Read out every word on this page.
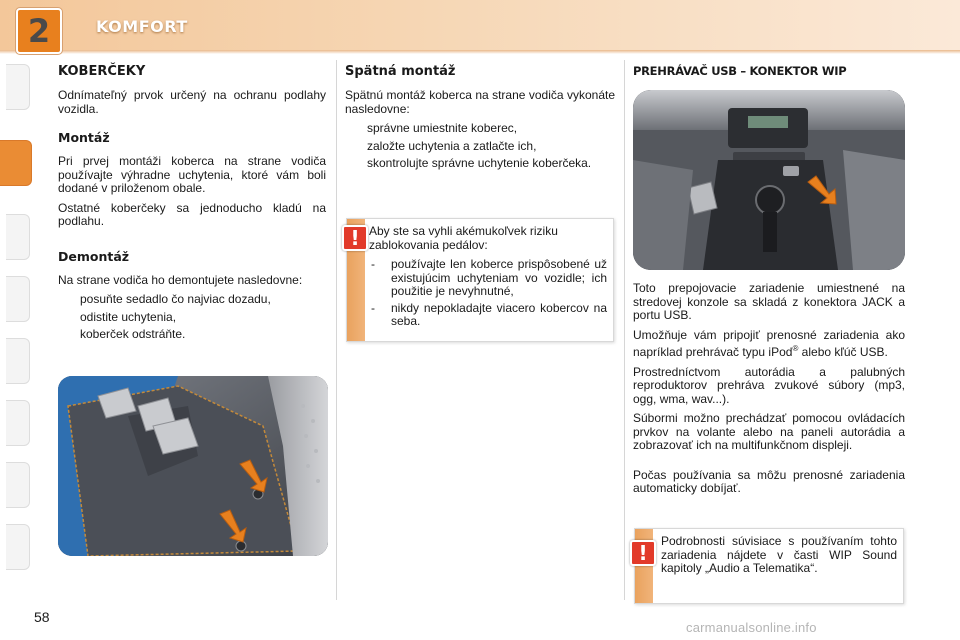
2	KOMFORT
KOBERČEKY

Odnímateľný prvok určený na ochranu podlahy vozidla.

Montáž

Pri prvej montáži koberca na strane vodiča používajte výhradne uchytenia, ktoré vám boli dodané v priloženom obale.

Ostatné koberčeky sa jednoducho kladú na podlahu.

Demontáž

Na strane vodiča ho demontujete nasledovne:

posuňte sedadlo čo najviac dozadu,
odistite uchytenia,
koberček odstráňte.
Spätná montáž

Spätnú montáž koberca na strane vodiča vykonáte nasledovne:

správne umiestnite koberec,
založte uchytenia a zatlačte ich,
skontrolujte správne uchytenie koberčeka.

Aby ste sa vyhli akémukoľvek riziku zablokovania pedálov:

- používajte len koberce prispôsobené už existujúcim uchyteniam vo vozidle; ich použitie je nevyhnutné,
- nikdy nepokladajte viacero kobercov na seba.
!
PREHRÁVAČ USB – KONEKTOR WIP

Toto prepojovacie zariadenie umiestnené na stredovej konzole sa skladá z konektora JACK a portu USB.

Umožňuje vám pripojiť prenosné zariadenia ako napríklad prehrávač typu iPod® alebo kľúč USB.

Prostredníctvom autorádia a palubných reproduktorov prehráva zvukové súbory (mp3, ogg, wma, wav...).

Súbormi možno prechádzať pomocou ovládacích prvkov na volante alebo na paneli autorádia a zobrazovať ich na multifunkčnom displeji.

Počas používania sa môžu prenosné zariadenia automaticky dobíjať.

Podrobnosti súvisiace s používaním tohto zariadenia nájdete v časti WIP Sound kapitoly „Audio a Telematika“.

!
58
carmanualsonline.info
